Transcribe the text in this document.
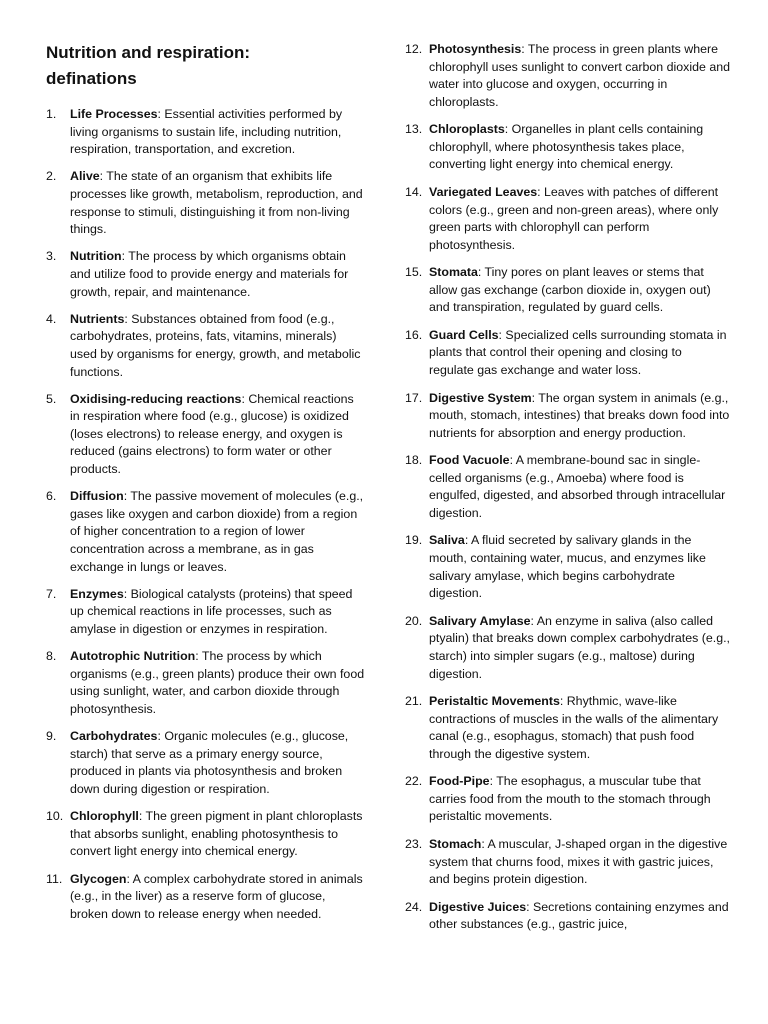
Nutrition and respiration:
definations
1. Life Processes: Essential activities performed by living organisms to sustain life, including nutrition, respiration, transportation, and excretion.
2. Alive: The state of an organism that exhibits life processes like growth, metabolism, reproduction, and response to stimuli, distinguishing it from non-living things.
3. Nutrition: The process by which organisms obtain and utilize food to provide energy and materials for growth, repair, and maintenance.
4. Nutrients: Substances obtained from food (e.g., carbohydrates, proteins, fats, vitamins, minerals) used by organisms for energy, growth, and metabolic functions.
5. Oxidising-reducing reactions: Chemical reactions in respiration where food (e.g., glucose) is oxidized (loses electrons) to release energy, and oxygen is reduced (gains electrons) to form water or other products.
6. Diffusion: The passive movement of molecules (e.g., gases like oxygen and carbon dioxide) from a region of higher concentration to a region of lower concentration across a membrane, as in gas exchange in lungs or leaves.
7. Enzymes: Biological catalysts (proteins) that speed up chemical reactions in life processes, such as amylase in digestion or enzymes in respiration.
8. Autotrophic Nutrition: The process by which organisms (e.g., green plants) produce their own food using sunlight, water, and carbon dioxide through photosynthesis.
9. Carbohydrates: Organic molecules (e.g., glucose, starch) that serve as a primary energy source, produced in plants via photosynthesis and broken down during digestion or respiration.
10. Chlorophyll: The green pigment in plant chloroplasts that absorbs sunlight, enabling photosynthesis to convert light energy into chemical energy.
11. Glycogen: A complex carbohydrate stored in animals (e.g., in the liver) as a reserve form of glucose, broken down to release energy when needed.
12. Photosynthesis: The process in green plants where chlorophyll uses sunlight to convert carbon dioxide and water into glucose and oxygen, occurring in chloroplasts.
13. Chloroplasts: Organelles in plant cells containing chlorophyll, where photosynthesis takes place, converting light energy into chemical energy.
14. Variegated Leaves: Leaves with patches of different colors (e.g., green and non-green areas), where only green parts with chlorophyll can perform photosynthesis.
15. Stomata: Tiny pores on plant leaves or stems that allow gas exchange (carbon dioxide in, oxygen out) and transpiration, regulated by guard cells.
16. Guard Cells: Specialized cells surrounding stomata in plants that control their opening and closing to regulate gas exchange and water loss.
17. Digestive System: The organ system in animals (e.g., mouth, stomach, intestines) that breaks down food into nutrients for absorption and energy production.
18. Food Vacuole: A membrane-bound sac in single-celled organisms (e.g., Amoeba) where food is engulfed, digested, and absorbed through intracellular digestion.
19. Saliva: A fluid secreted by salivary glands in the mouth, containing water, mucus, and enzymes like salivary amylase, which begins carbohydrate digestion.
20. Salivary Amylase: An enzyme in saliva (also called ptyalin) that breaks down complex carbohydrates (e.g., starch) into simpler sugars (e.g., maltose) during digestion.
21. Peristaltic Movements: Rhythmic, wave-like contractions of muscles in the walls of the alimentary canal (e.g., esophagus, stomach) that push food through the digestive system.
22. Food-Pipe: The esophagus, a muscular tube that carries food from the mouth to the stomach through peristaltic movements.
23. Stomach: A muscular, J-shaped organ in the digestive system that churns food, mixes it with gastric juices, and begins protein digestion.
24. Digestive Juices: Secretions containing enzymes and other substances (e.g., gastric juice,
